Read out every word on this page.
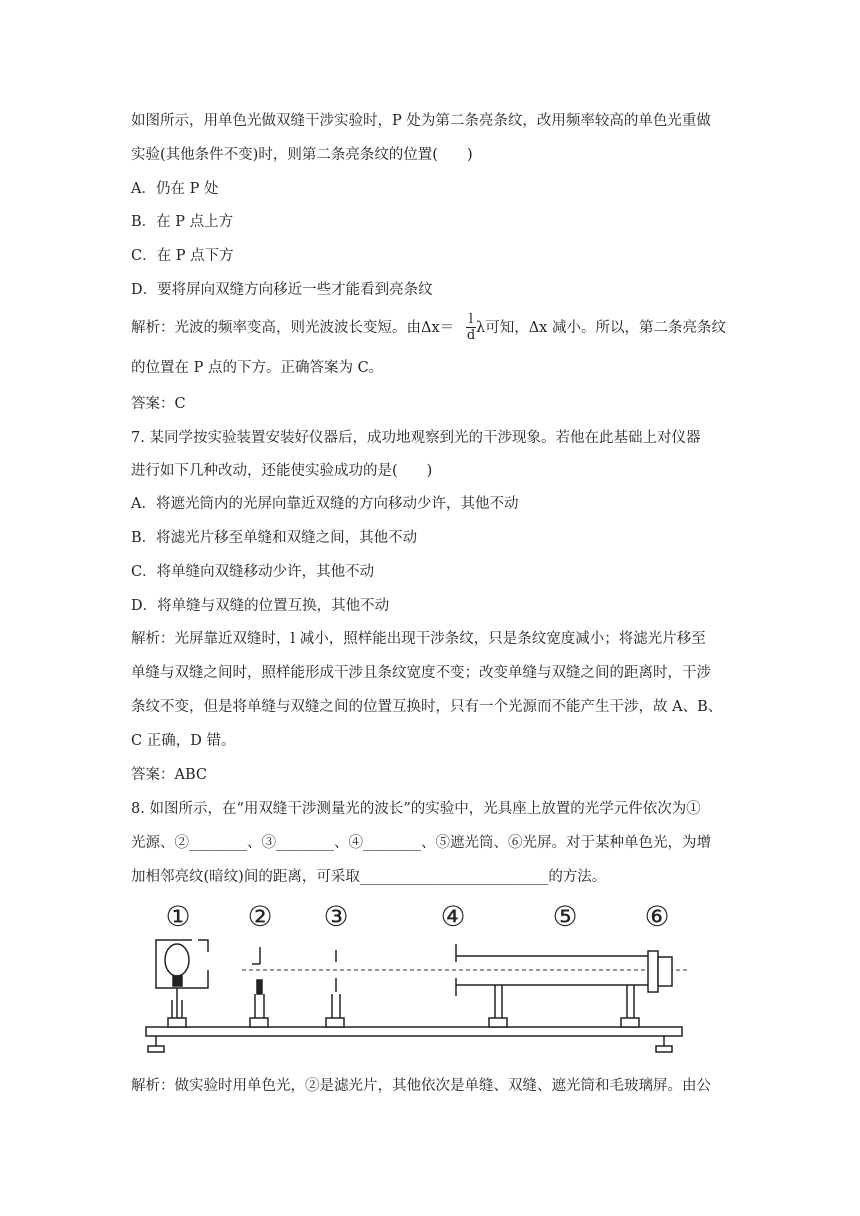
如图所示，用单色光做双缝干涉实验时，P 处为第二条亮条纹，改用频率较高的单色光重做
实验(其他条件不变)时，则第二条亮条纹的位置(　　)
A．仍在 P 处
B．在 P 点上方
C．在 P 点下方
D．要将屏向双缝方向移近一些才能看到亮条纹
解析：光波的频率变高，则光波波长变短。由$\Delta x= \frac{l}{d}$ λ可知，Δx 减小。所以，第二条亮条纹
的位置在 P 点的下方。正确答案为 C。
答案：C
7. 某同学按实验装置安装好仪器后，成功地观察到光的干涉现象。若他在此基础上对仪器
进行如下几种改动，还能使实验成功的是(　　)
A．将遮光筒内的光屏向靠近双缝的方向移动少许，其他不动
B．将滤光片移至单缝和双缝之间，其他不动
C．将单缝向双缝移动少许，其他不动
D．将单缝与双缝的位置互换，其他不动
解析：光屏靠近双缝时，l 减小，照样能出现干涉条纹，只是条纹宽度减小；将滤光片移至
单缝与双缝之间时，照样能形成干涉且条纹宽度不变；改变单缝与双缝之间的距离时，干涉
条纹不变，但是将单缝与双缝之间的位置互换时，只有一个光源而不能产生干涉，故 A、B、
C 正确，D 错。
答案：ABC
8. 如图所示，在“用双缝干涉测量光的波长”的实验中，光具座上放置的光学元件依次为①
光源、②________、③________、④________、⑤遮光筒、⑥光屏。对于某种单色光，为增
加相邻亮纹(暗纹)间的距离，可采取__________________________的方法。
① ② ③	④	⑤ ⑥
解析：做实验时用单色光，②是滤光片，其他依次是单缝、双缝、遮光筒和毛玻璃屏。由公
